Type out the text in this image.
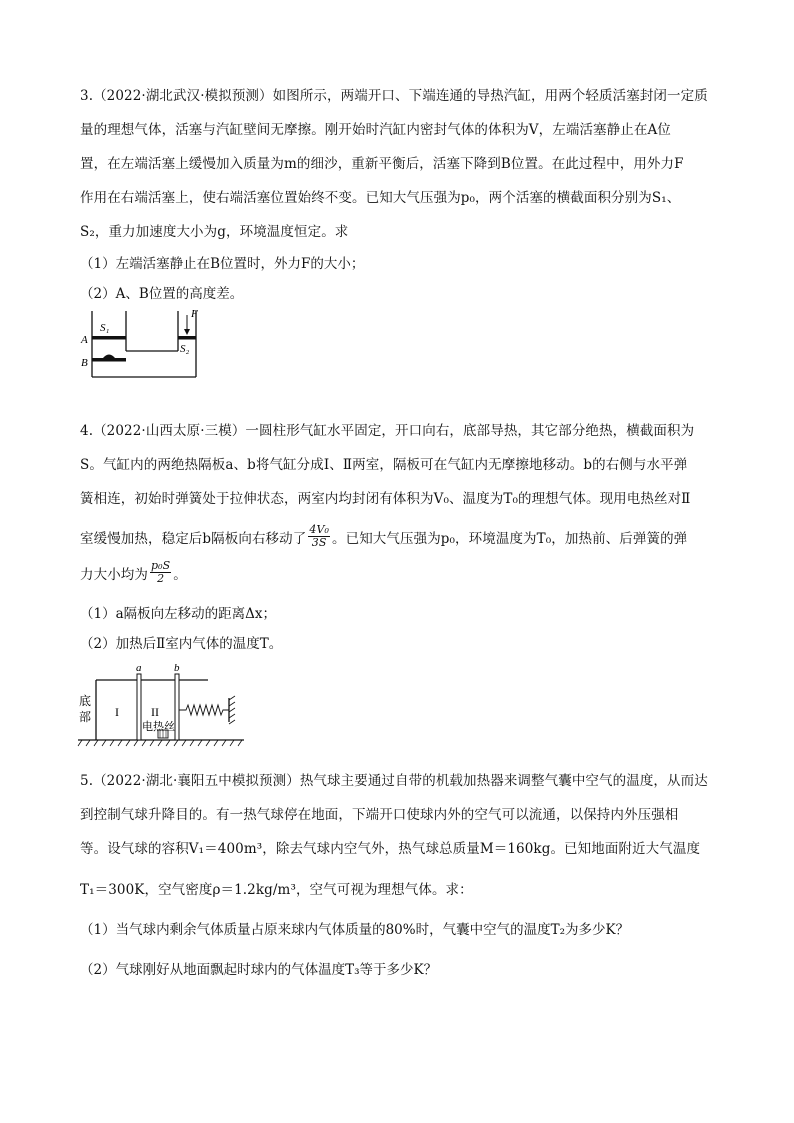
3.（2022·湖北武汉·模拟预测）如图所示，两端开口、下端连通的导热汽缸，用两个轻质活塞封闭一定质
量的理想气体，活塞与汽缸壁间无摩擦。刚开始时汽缸内密封气体的体积为V，左端活塞静止在A位
置，在左端活塞上缓慢加入质量为m的细沙，重新平衡后，活塞下降到B位置。在此过程中，用外力F
作用在右端活塞上，使右端活塞位置始终不变。已知大气压强为p₀，两个活塞的横截面积分别为S₁、
S₂，重力加速度大小为g，环境温度恒定。求
（1）左端活塞静止在B位置时，外力F的大小；
（2）A、B位置的高度差。
S₁
A
B
S₂
F
4.（2022·山西太原·三模）一圆柱形气缸水平固定，开口向右，底部导热，其它部分绝热，横截面积为
S。气缸内的两绝热隔板a、b将气缸分成Ⅰ、Ⅱ两室，隔板可在气缸内无摩擦地移动。b的右侧与水平弹
簧相连，初始时弹簧处于拉伸状态，两室内均封闭有体积为V₀、温度为T₀的理想气体。现用电热丝对Ⅱ
室缓慢加热，稳定后b隔板向右移动了 $\frac{\text{4V₀}}{3S}$ 。已知大气压强为p₀，环境温度为T₀，加热前、后弹簧的弹
力大小均为 $\frac{\text{p₀S}}{2}$ 。
（1）a隔板向左移动的距离Δx；
（2）加热后Ⅱ室内气体的温度T。
a	b
底
部 I	II
电热丝
5.（2022·湖北·襄阳五中模拟预测）热气球主要通过自带的机载加热器来调整气囊中空气的温度，从而达
到控制气球升降目的。有一热气球停在地面，下端开口使球内外的空气可以流通，以保持内外压强相
等。设气球的容积V₁＝400m³，除去气球内空气外，热气球总质量M＝160kg。已知地面附近大气温度
T₁＝300K，空气密度ρ＝1.2kg/m³，空气可视为理想气体。求：
（1）当气球内剩余气体质量占原来球内气体质量的80%时，气囊中空气的温度T₂为多少K？
（2）气球刚好从地面飘起时球内的气体温度T₃等于多少K？
